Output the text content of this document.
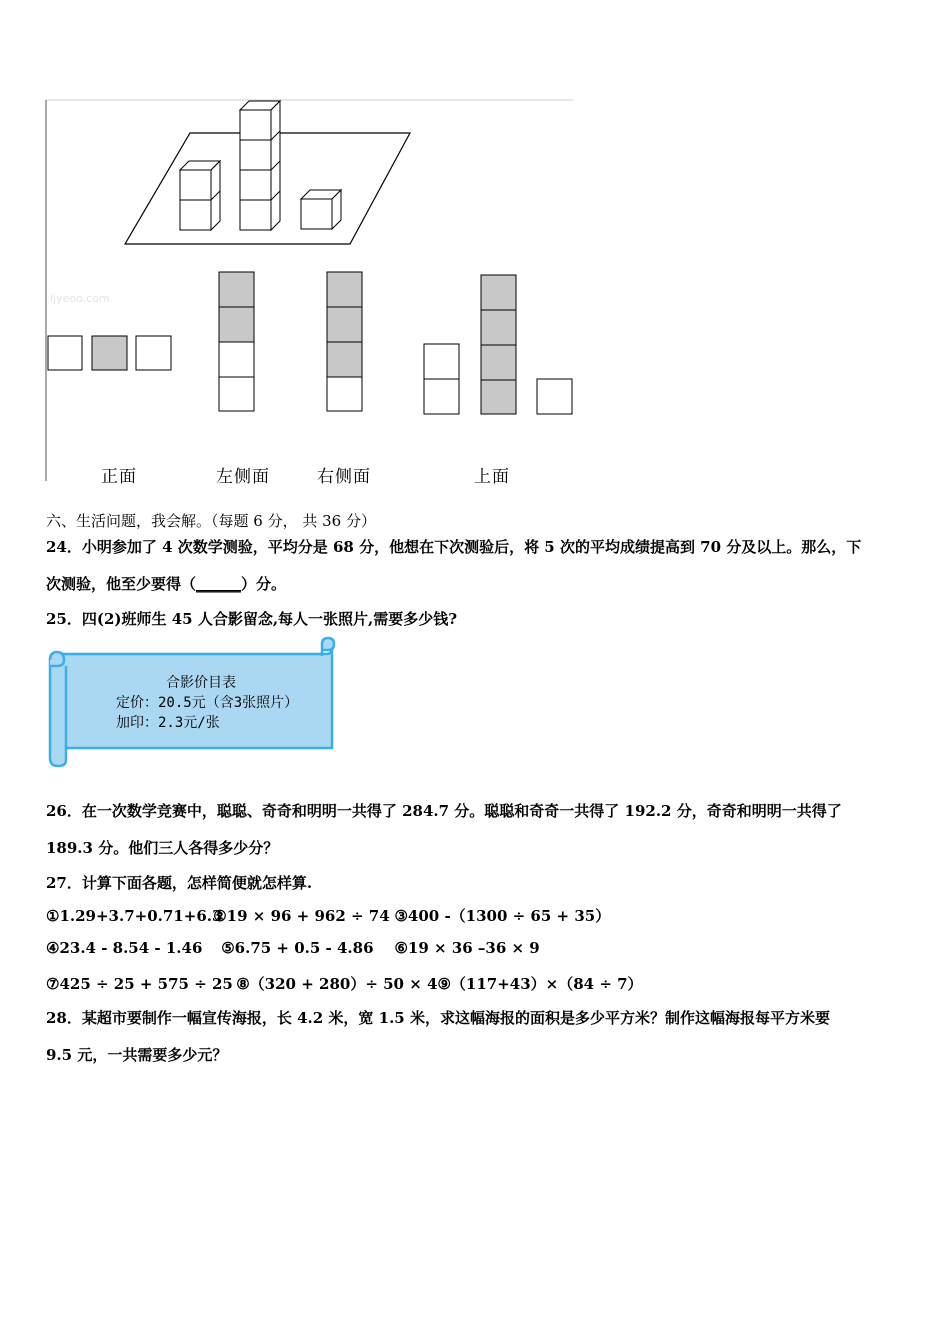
ljyeoo.com
正面	左侧面	右侧面	上面
六、生活问题，我会解。（每题 6 分， 共 36 分）
24．小明参加了 4 次数学测验，平均分是 68 分，他想在下次测验后，将 5 次的平均成绩提高到 70 分及以上。那么，下
次测验，他至少要得（______）分。
25．四(2)班师生 45 人合影留念,每人一张照片,需要多少钱?
合影价目表
定价：20.5元（含3张照片）
加印：2.3元/张
26．在一次数学竞赛中，聪聪、奇奇和明明一共得了 284.7 分。聪聪和奇奇一共得了 192.2 分，奇奇和明明一共得了
189.3 分。他们三人各得多少分？
27．计算下面各题，怎样简便就怎样算.
①1.29+3.7+0.71+6.3 ②19 × 96 + 962 ÷ 74 ③400 -（1300 ÷ 65 + 35）
④23.4 - 8.54 - 1.46 ⑤6.75 + 0.5 - 4.86 ⑥19 × 36 –36 × 9
⑦425 ÷ 25 + 575 ÷ 25 ⑧（320 + 280）÷ 50 × 4 ⑨（117+43）×（84 ÷ 7）
28．某超市要制作一幅宣传海报，长 4.2 米，宽 1.5 米，求这幅海报的面积是多少平方米？制作这幅海报每平方米要
9.5 元，一共需要多少元？
